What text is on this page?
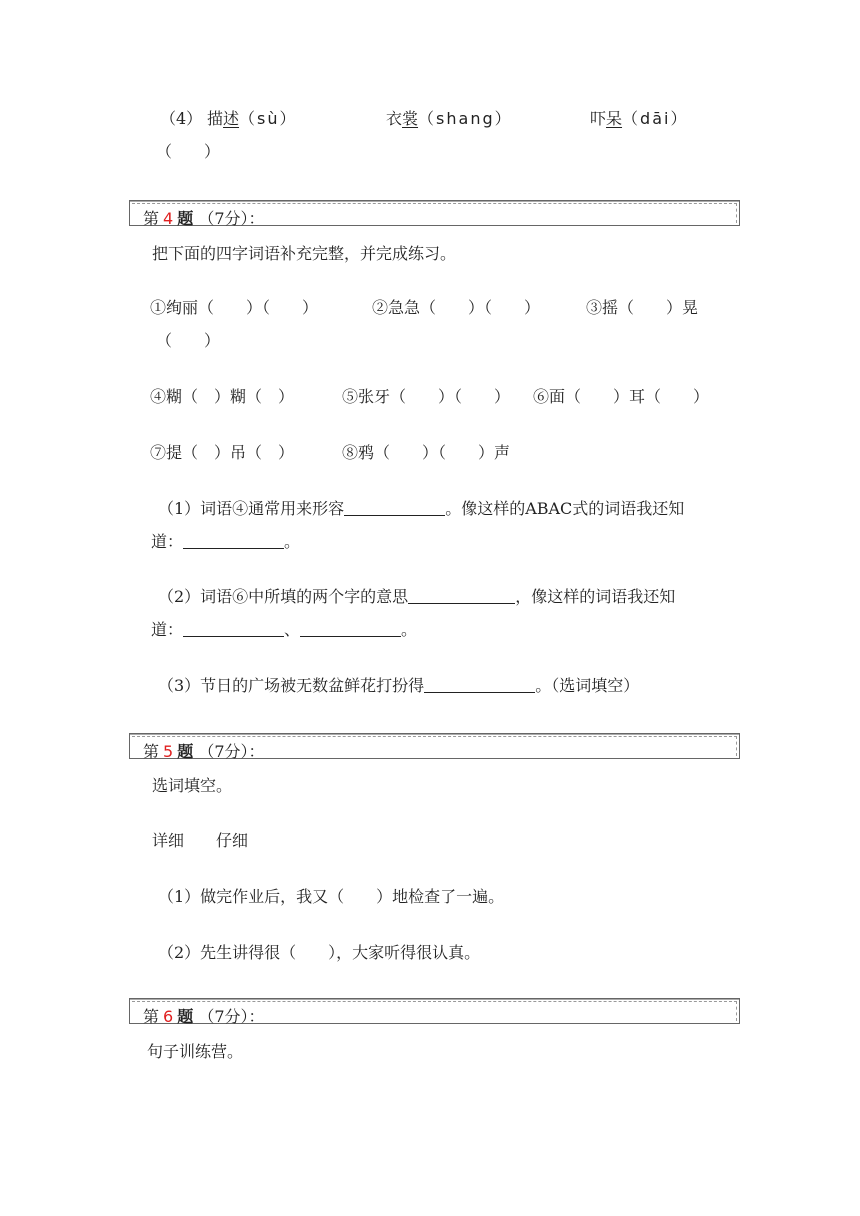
（4） 描述（sù）	衣裳（shang）	吓呆（dāi）
（　　）
第 4 题 （7分）：
把下面的四字词语补充完整，并完成练习。
①绚丽（　　）（　　）	②急急（　　）（　　）	③摇（　　）晃
（　　）
④糊（　）糊（　）	⑤张牙（　　）（　　） ⑥面（　　）耳（　　）
⑦提（　）吊（　）	⑧鸦（　　）（　　）声
（1）词语④通常用来形容	。像这样的ABAC式的词语我还知
道：	。
（2）词语⑥中所填的两个字的意思	，像这样的词语我还知
道：	、	。
（3）节日的广场被无数盆鲜花打扮得	。（选词填空）
第 5 题 （7分）：
选词填空。
详细　　仔细
（1）做完作业后，我又（　　）地检查了一遍。
（2）先生讲得很（　　），大家听得很认真。
第 6 题 （7分）：
句子训练营。
